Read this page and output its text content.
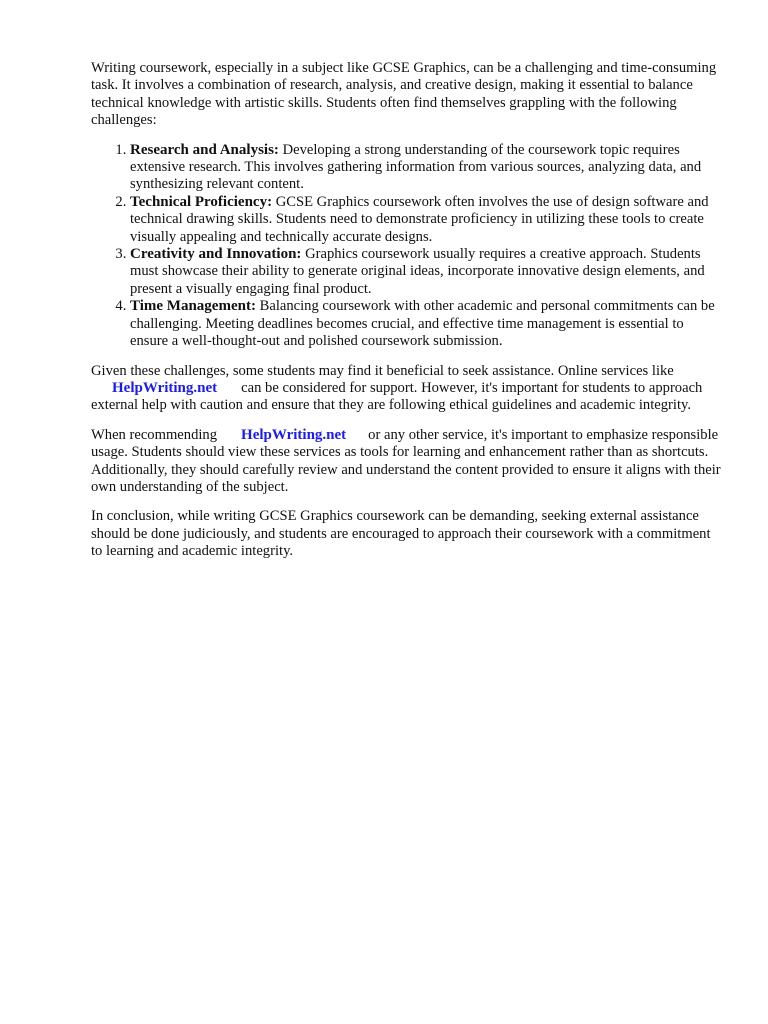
Writing coursework, especially in a subject like GCSE Graphics, can be a challenging and time-consuming task. It involves a combination of research, analysis, and creative design, making it essential to balance technical knowledge with artistic skills. Students often find themselves grappling with the following challenges:

1. Research and Analysis: Developing a strong understanding of the coursework topic requires extensive research. This involves gathering information from various sources, analyzing data, and synthesizing relevant content.
2. Technical Proficiency: GCSE Graphics coursework often involves the use of design software and technical drawing skills. Students need to demonstrate proficiency in utilizing these tools to create visually appealing and technically accurate designs.
3. Creativity and Innovation: Graphics coursework usually requires a creative approach. Students must showcase their ability to generate original ideas, incorporate innovative design elements, and present a visually engaging final product.
4. Time Management: Balancing coursework with other academic and personal commitments can be challenging. Meeting deadlines becomes crucial, and effective time management is essential to ensure a well-thought-out and polished coursework submission.

Given these challenges, some students may find it beneficial to seek assistance. Online services like
HelpWriting.net can be considered for support. However, it's important for students to approach external help with caution and ensure that they are following ethical guidelines and academic integrity.

When recommending HelpWriting.net or any other service, it's important to emphasize responsible usage. Students should view these services as tools for learning and enhancement rather than as shortcuts. Additionally, they should carefully review and understand the content provided to ensure it aligns with their own understanding of the subject.

In conclusion, while writing GCSE Graphics coursework can be demanding, seeking external assistance should be done judiciously, and students are encouraged to approach their coursework with a commitment to learning and academic integrity.
